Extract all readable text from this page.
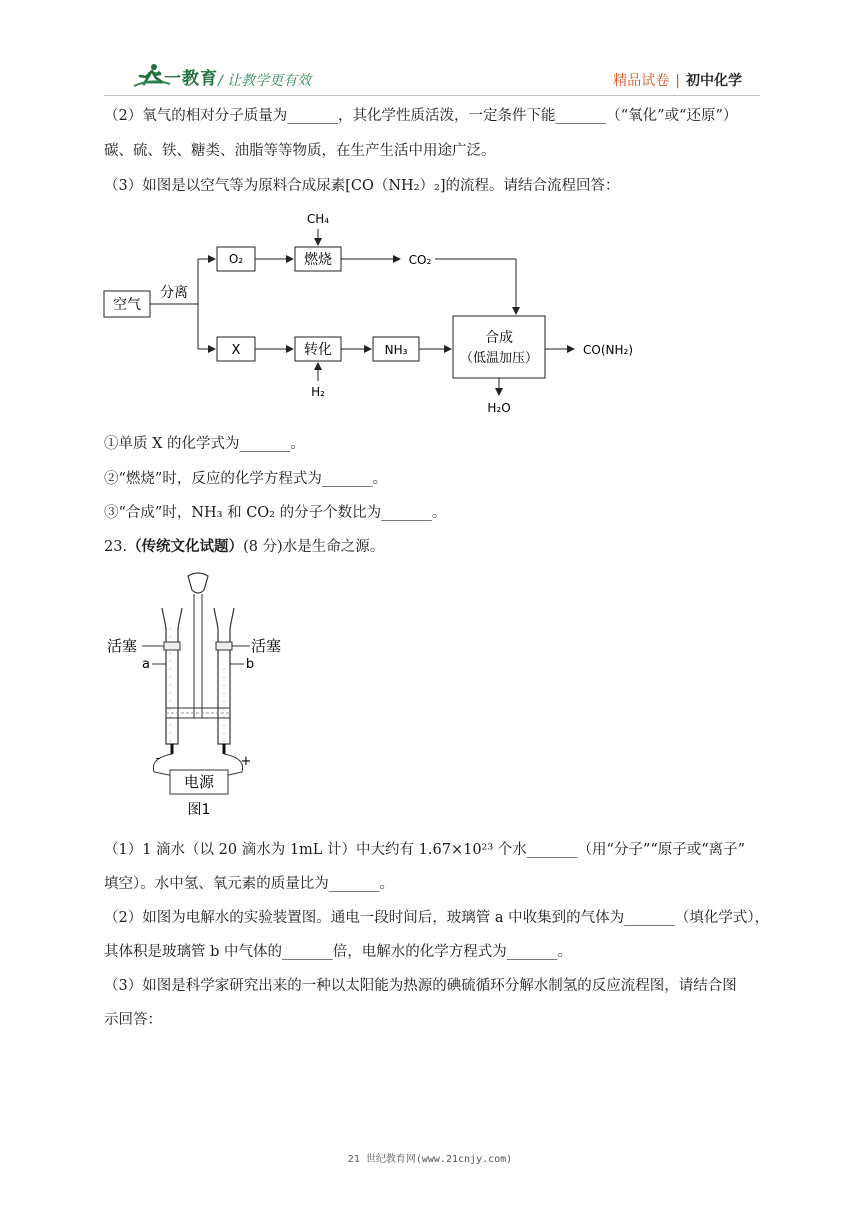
二一教育 / 让教学更有效	精品试卷 | 初中化学
（2）氧气的相对分子质量为_______，其化学性质活泼，一定条件下能_______（“氧化”或“还原”）
碳、硫、铁、糖类、油脂等等物质，在生产生活中用途广泛。
（3）如图是以空气等为原料合成尿素[CO（NH₂）₂]的流程。请结合流程回答：
空气
分离
O₂
CH₄
燃烧	CO₂
X	转化
H₂
NH₃
合成
（低温加压）
CO(NH₂)
H₂O
①单质 X 的化学式为_______。
②“燃烧”时，反应的化学方程式为_______。
③“合成”时，NH₃ 和 CO₂ 的分子个数比为_______。
23.（传统文化试题）(8 分)水是生命之源。
活塞	活塞
a	b
-	+
电源
图1
（1）1 滴水（以 20 滴水为 1mL 计）中大约有 1.67×10²³ 个水_______（用“分子”“原子或“离子”
填空）。水中氢、氧元素的质量比为_______。
（2）如图为电解水的实验装置图。通电一段时间后，玻璃管 a 中收集到的气体为_______（填化学式），
其体积是玻璃管 b 中气体的_______倍，电解水的化学方程式为_______。
（3）如图是科学家研究出来的一种以太阳能为热源的碘硫循环分解水制氢的反应流程图，请结合图
示回答：
21 世纪教育网(www.21cnjy.com)
